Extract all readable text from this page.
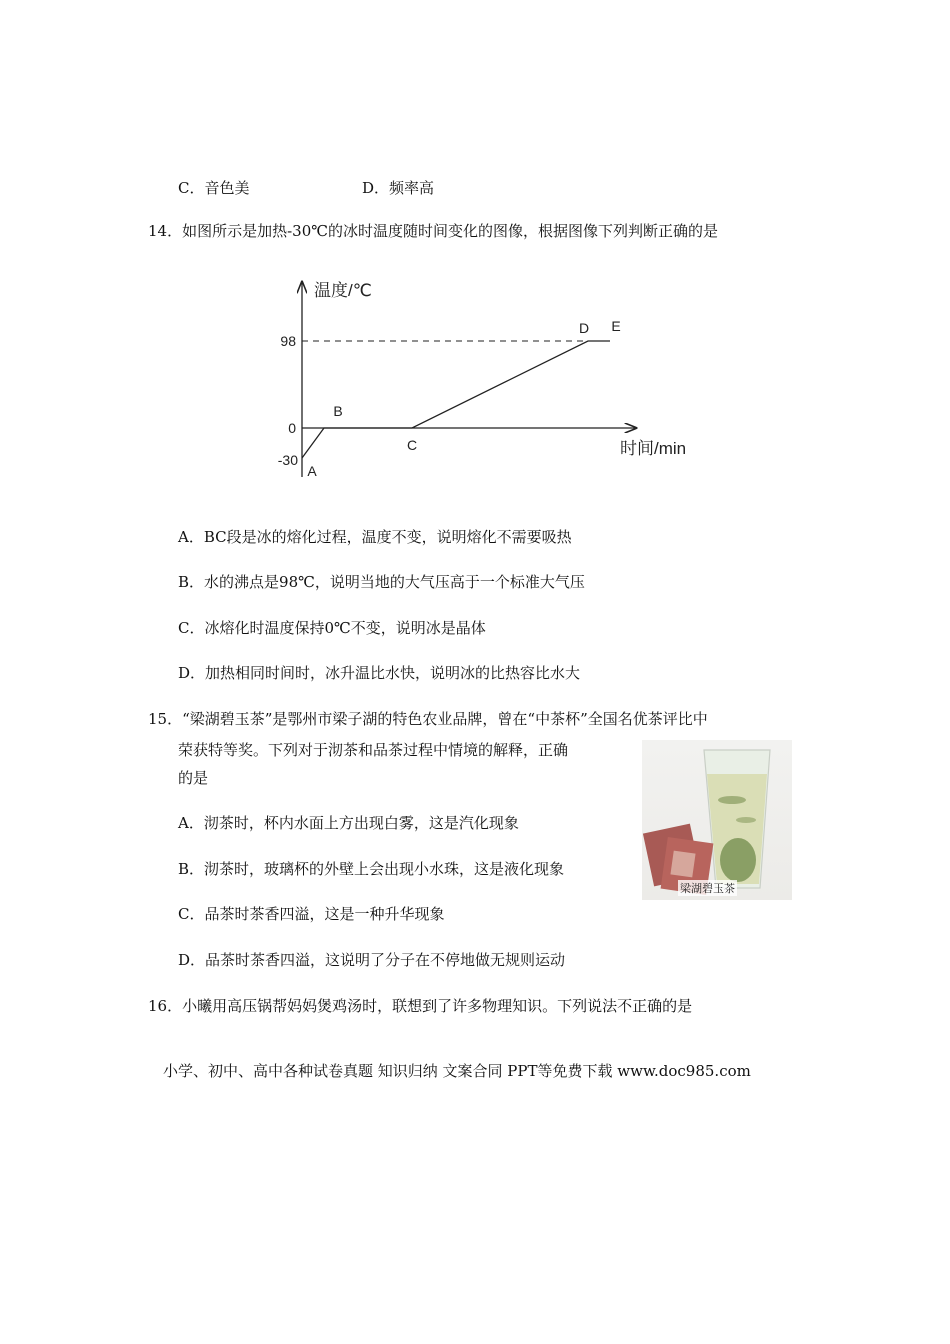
C．音色美	D．频率高
14．如图所示是加热-30℃的冰时温度随时间变化的图像，根据图像下列判断正确的是
温度/℃
时间/min
98
0
-30
A
B
C
D E
A．BC段是冰的熔化过程，温度不变，说明熔化不需要吸热
B．水的沸点是98℃，说明当地的大气压高于一个标准大气压
C．冰熔化时温度保持0℃不变，说明冰是晶体
D．加热相同时间时，冰升温比水快，说明冰的比热容比水大
15．“梁湖碧玉茶”是鄂州市梁子湖的特色农业品牌，曾在“中茶杯”全国名优茶评比中
荣获特等奖。下列对于沏茶和品茶过程中情境的解释，正确
的是
梁湖碧玉茶
A．沏茶时，杯内水面上方出现白雾，这是汽化现象
B．沏茶时，玻璃杯的外壁上会出现小水珠，这是液化现象
C．品茶时茶香四溢，这是一种升华现象
D．品茶时茶香四溢，这说明了分子在不停地做无规则运动
16．小曦用高压锅帮妈妈煲鸡汤时，联想到了许多物理知识。下列说法不正确的是
小学、初中、高中各种试卷真题 知识归纳 文案合同 PPT等免费下载 www.doc985.com
